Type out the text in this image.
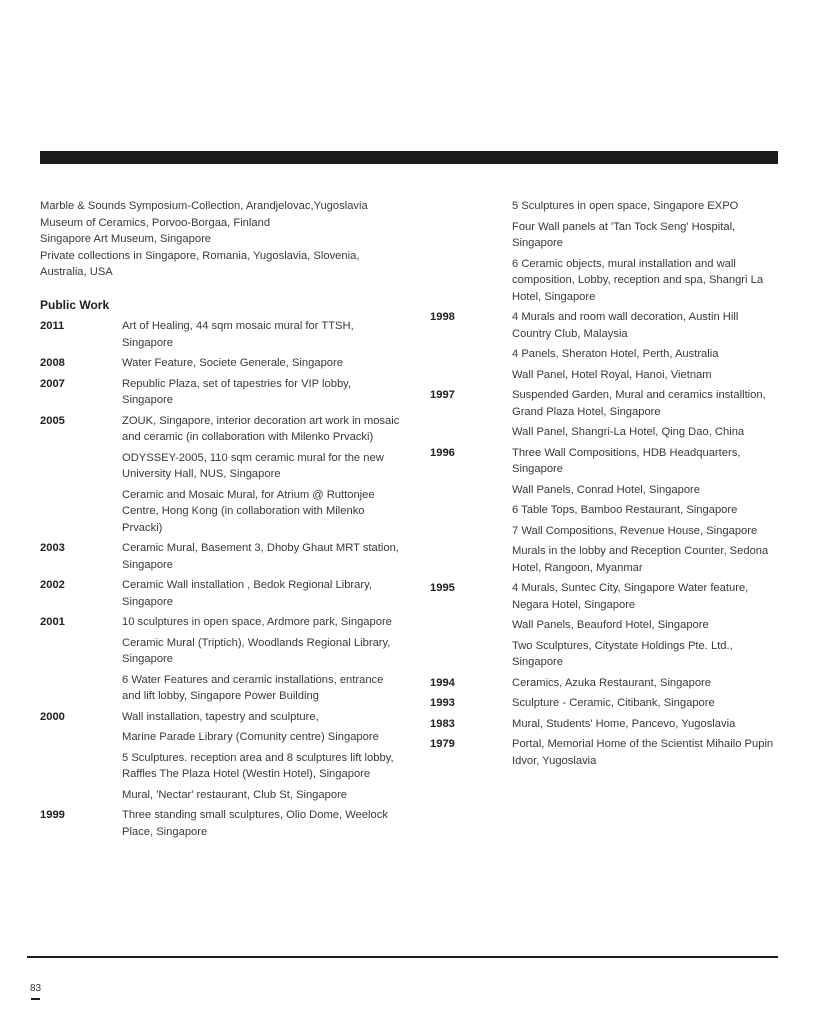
Marble & Sounds Symposium-Collection, Arandjelovac,Yugoslavia
Museum of Ceramics, Porvoo-Borgaa, Finland
Singapore Art Museum, Singapore
Private collections in Singapore, Romania, Yugoslavia, Slovenia, Australia, USA
Public Work
2011	Art of Healing, 44 sqm mosaic mural for TTSH, Singapore
2008	Water Feature, Societe Generale, Singapore
2007	Republic Plaza, set of tapestries for VIP lobby, Singapore
2005	ZOUK, Singapore, interior decoration art work in mosaic and ceramic (in collaboration with Milenko Prvacki)
ODYSSEY-2005, 110 sqm ceramic mural for the new University Hall, NUS, Singapore
Ceramic and Mosaic Mural, for Atrium @ Ruttonjee Centre, Hong Kong (in collaboration with Milenko Prvacki)
2003	Ceramic Mural, Basement 3, Dhoby Ghaut MRT station, Singapore
2002	Ceramic Wall installation , Bedok Regional Library, Singapore
2001	10 sculptures in open space, Ardmore park, Singapore
Ceramic Mural (Triptich), Woodlands Regional Library, Singapore
6 Water Features and ceramic installations, entrance and lift lobby, Singapore Power Building
2000	Wall installation, tapestry and sculpture,
Marine Parade Library (Comunity centre) Singapore
5 Sculptures. reception area and 8 sculptures lift lobby, Raffles The Plaza Hotel (Westin Hotel), Singapore
Mural, 'Nectar' restaurant, Club St, Singapore
1999	Three standing small sculptures, Olio Dome, Weelock Place, Singapore
5 Sculptures in open space, Singapore EXPO
Four Wall panels at 'Tan Tock Seng' Hospital, Singapore
6 Ceramic objects, mural installation and wall composition, Lobby, reception and spa, Shangri La Hotel, Singapore
1998	4 Murals and room wall decoration, Austin Hill Country Club, Malaysia
4 Panels, Sheraton Hotel, Perth, Australia
Wall Panel, Hotel Royal, Hanoi, Vietnam
1997	Suspended Garden, Mural and ceramics installtion, Grand Plaza Hotel, Singapore
Wall Panel, Shangri-La Hotel, Qing Dao, China
1996	Three Wall Compositions, HDB Headquarters, Singapore
Wall Panels, Conrad Hotel, Singapore
6 Table Tops, Bamboo Restaurant, Singapore
7 Wall Compositions, Revenue House, Singapore
Murals in the lobby and Reception Counter, Sedona Hotel, Rangoon, Myanmar
1995	4 Murals, Suntec City, Singapore Water feature, Negara Hotel, Singapore
Wall Panels, Beauford Hotel, Singapore
Two Sculptures, Citystate Holdings Pte. Ltd., Singapore
1994	Ceramics, Azuka Restaurant, Singapore
1993	Sculpture - Ceramic, Citibank, Singapore
1983	Mural, Students' Home, Pancevo, Yugoslavia
1979	Portal, Memorial Home of the Scientist Mihailo Pupin Idvor, Yugoslavia
83
